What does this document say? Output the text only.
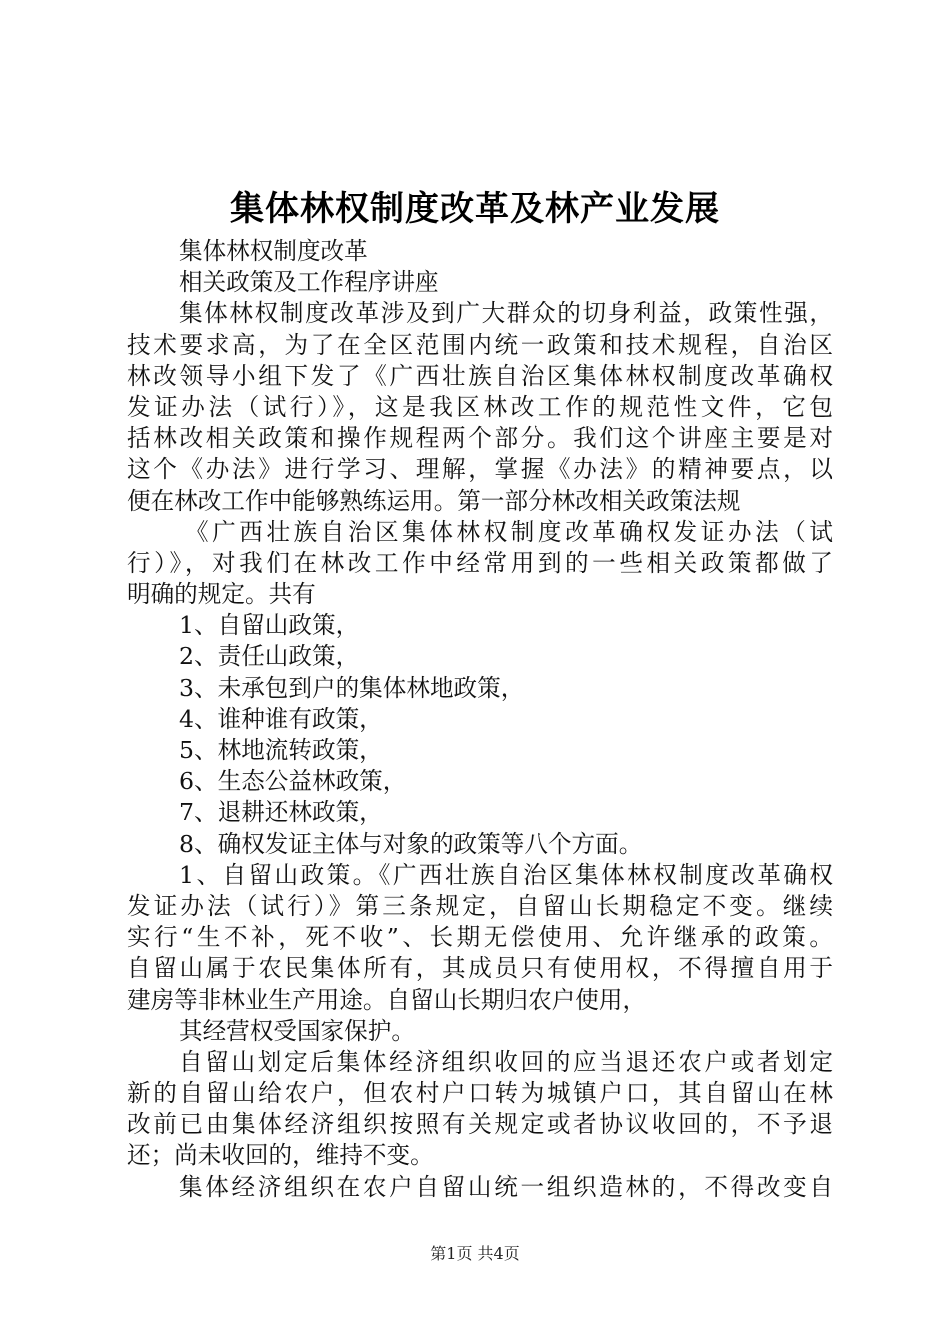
集体林权制度改革及林产业发展
集体林权制度改革
相关政策及工作程序讲座
集体林权制度改革涉及到广大群众的切身利益，政策性强，
技术要求高，为了在全区范围内统一政策和技术规程，自治区
林改领导小组下发了《广西壮族自治区集体林权制度改革确权
发证办法（试行）》，这是我区林改工作的规范性文件，它包
括林改相关政策和操作规程两个部分。我们这个讲座主要是对
这个《办法》进行学习、理解，掌握《办法》的精神要点，以
便在林改工作中能够熟练运用。第一部分林改相关政策法规
《广西壮族自治区集体林权制度改革确权发证办法（试
行）》，对我们在林改工作中经常用到的一些相关政策都做了
明确的规定。共有
1、自留山政策，
2、责任山政策，
3、未承包到户的集体林地政策，
4、谁种谁有政策，
5、林地流转政策，
6、生态公益林政策，
7、退耕还林政策，
8、确权发证主体与对象的政策等八个方面。
1、自留山政策。《广西壮族自治区集体林权制度改革确权
发证办法（试行）》第三条规定，自留山长期稳定不变。继续
实行“生不补，死不收”、长期无偿使用、允许继承的政策。
自留山属于农民集体所有，其成员只有使用权，不得擅自用于
建房等非林业生产用途。自留山长期归农户使用，
其经营权受国家保护。
自留山划定后集体经济组织收回的应当退还农户或者划定
新的自留山给农户，但农村户口转为城镇户口，其自留山在林
改前已由集体经济组织按照有关规定或者协议收回的，不予退
还；尚未收回的，维持不变。
集体经济组织在农户自留山统一组织造林的，不得改变自
第1页 共4页
